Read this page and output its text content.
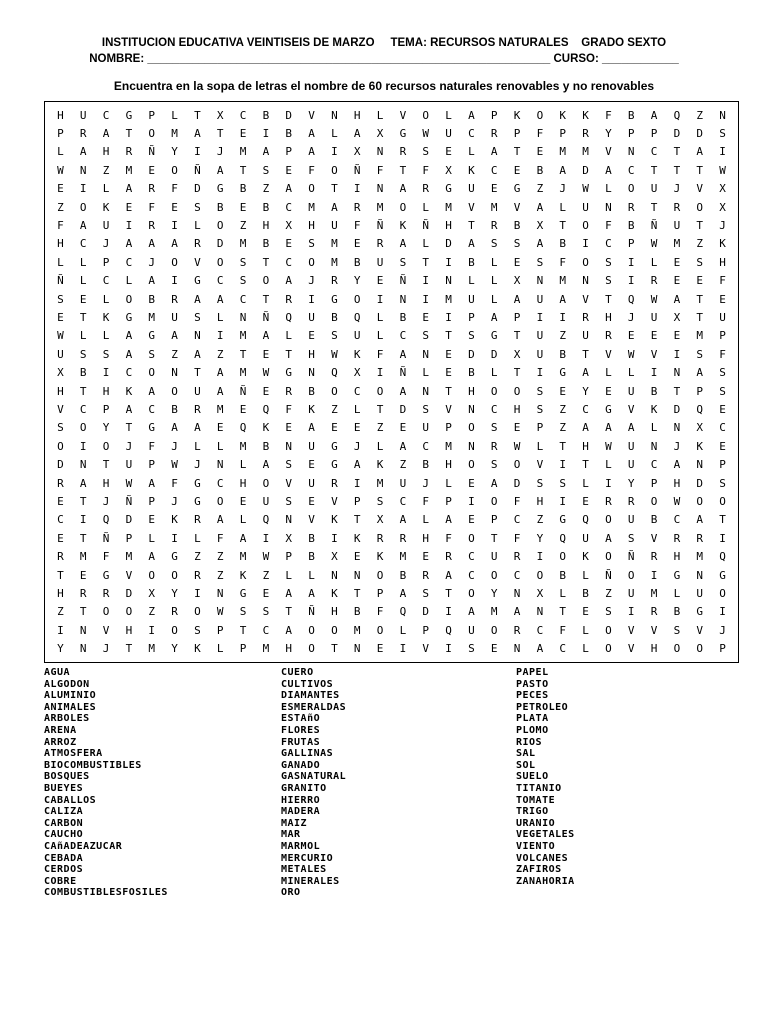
INSTITUCION EDUCATIVA VEINTISEIS DE MARZO     TEMA: RECURSOS NATURALES    GRADO SEXTO
NOMBRE: _______________________________________________________________ CURSO: ____________
Encuentra en la sopa de letras el nombre de 60 recursos naturales renovables y no renovables
H	U	C	G	P	L	T	X	C	B	D	V	N	H	L	V	O	L	A	P	K	O	K	K	F	B	A	Q	Z	N
P	R	A	T	O	M	A	T	E	I	B	A	L	A	X	G	W	U	C	R	P	F	P	R	Y	P	P	D	D	S
L	A	H	R	Ñ	Y	I	J	M	A	P	A	I	X	N	R	S	E	L	A	T	E	M	M	V	N	C	T	A	I
W	N	Z	M	E	O	Ñ	A	T	S	E	F	O	Ñ	F	T	F	X	K	C	E	B	A	D	A	C	T	T	T	W
E	I	L	A	R	F	D	G	B	Z	A	O	T	I	N	A	R	G	U	E	G	Z	J	W	L	O	U	J	V	X
Z	O	K	E	F	E	S	B	E	B	C	M	A	R	M	O	L	M	V	M	V	A	L	U	N	R	T	R	O	X
F	A	U	I	R	I	L	O	Z	H	X	H	U	F	Ñ	K	Ñ	H	T	R	B	X	T	O	F	B	Ñ	U	T	J
H	C	J	A	A	A	R	D	M	B	E	S	M	E	R	A	L	D	A	S	S	A	B	I	C	P	W	M	Z	K
L	L	P	C	J	O	V	O	S	T	C	O	M	B	U	S	T	I	B	L	E	S	F	O	S	I	L	E	S	H
Ñ	L	C	L	A	I	G	C	S	O	A	J	R	Y	E	Ñ	I	N	L	L	X	N	M	N	S	I	R	E	E	F
S	E	L	O	B	R	A	A	C	T	R	I	G	O	I	N	I	M	U	L	A	U	A	V	T	Q	W	A	T	E
E	T	K	G	M	U	S	L	N	Ñ	Q	U	B	Q	L	B	E	I	P	A	P	I	I	R	H	J	U	X	T	U
W	L	L	A	G	A	N	I	M	A	L	E	S	U	L	C	S	T	S	G	T	U	Z	U	R	E	E	E	M	P
U	S	S	A	S	Z	A	Z	T	E	T	H	W	K	F	A	N	E	D	D	X	U	B	T	V	W	V	I	S	F
X	B	I	C	O	N	T	A	M	W	G	N	Q	X	I	Ñ	L	E	B	L	T	I	G	A	L	L	I	N	A	S
H	T	H	K	A	O	U	A	Ñ	E	R	B	O	C	O	A	N	T	H	O	O	S	E	Y	E	U	B	T	P	S
V	C	P	A	C	B	R	M	E	Q	F	K	Z	L	T	D	S	V	N	C	H	S	Z	C	G	V	K	D	Q	E
S	O	Y	T	G	A	A	E	Q	K	E	A	E	E	Z	E	U	P	O	S	E	P	Z	A	A	A	L	N	X	C
O	I	O	J	F	J	L	L	M	B	N	U	G	J	L	A	C	M	N	R	W	L	T	H	W	U	N	J	K	E
D	N	T	U	P	W	J	N	L	A	S	E	G	A	K	Z	B	H	O	S	O	V	I	T	L	U	C	A	N	P
R	A	H	W	A	F	G	C	H	O	V	U	R	I	M	U	J	L	E	A	D	S	S	L	I	Y	P	H	D	S
E	T	J	Ñ	P	J	G	O	E	U	S	E	V	P	S	C	F	P	I	O	F	H	I	E	R	R	O	W	O	O
C	I	Q	D	E	K	R	A	L	Q	N	V	K	T	X	A	L	A	E	P	C	Z	G	Q	O	U	B	C	A	T
E	T	Ñ	P	L	I	L	F	A	I	X	B	I	K	R	R	H	F	O	T	F	Y	Q	U	A	S	V	R	R	I
R	M	F	M	A	G	Z	Z	M	W	P	B	X	E	K	M	E	R	C	U	R	I	O	K	O	Ñ	R	H	M	Q
T	E	G	V	O	O	R	Z	K	Z	L	L	N	N	O	B	R	A	C	O	C	O	B	L	Ñ	O	I	G	N	G
H	R	R	D	X	Y	I	N	G	E	A	A	K	T	P	A	S	T	O	Y	N	X	L	B	Z	U	M	L	U	O
Z	T	O	O	Z	R	O	W	S	S	T	Ñ	H	B	F	Q	D	I	A	M	A	N	T	E	S	I	R	B	G	I
I	N	V	H	I	O	S	P	T	C	A	O	O	M	O	L	P	Q	U	O	R	C	F	L	O	V	V	S	V	J
Y	N	J	T	M	Y	K	L	P	M	H	O	T	N	E	I	V	I	S	E	N	A	C	L	O	V	H	O	O	P
AGUA
ALGODON
ALUMINIO
ANIMALES
ARBOLES
ARENA
ARROZ
ATMOSFERA
BIOCOMBUSTIBLES
BOSQUES
BUEYES
CABALLOS
CALIZA
CARBON
CAUCHO
CAñADEAZUCAR
CEBADA
CERDOS
COBRE
COMBUSTIBLESFOSILES
CUERO
CULTIVOS
DIAMANTES
ESMERALDAS
ESTAñO
FLORES
FRUTAS
GALLINAS
GANADO
GASNATURAL
GRANITO
HIERRO
MADERA
MAIZ
MAR
MARMOL
MERCURIO
METALES
MINERALES
ORO
PAPEL
PASTO
PECES
PETROLEO
PLATA
PLOMO
RIOS
SAL
SOL
SUELO
TITANIO
TOMATE
TRIGO
URANIO
VEGETALES
VIENTO
VOLCANES
ZAFIROS
ZANAHORIA
